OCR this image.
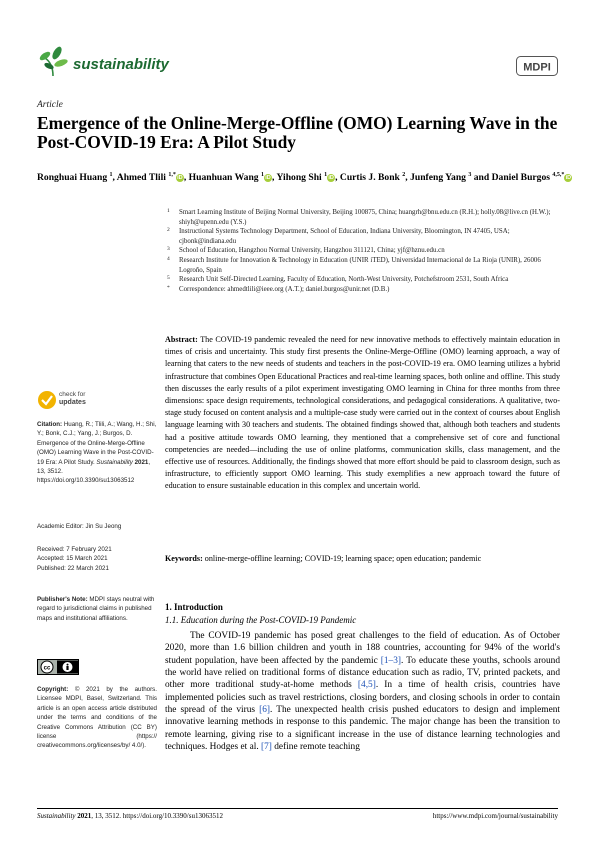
sustainability	MDPI
Article
Emergence of the Online-Merge-Offline (OMO) Learning Wave in the Post-COVID-19 Era: A Pilot Study
Ronghuai Huang $^1$, Ahmed Tlili $^{1,*}$iD, Huanhuan Wang $^1$iD, Yihong Shi $^1$iD, Curtis J. Bonk $^2$, Junfeng Yang $^3$ and Daniel Burgos $^{4,5,*}$iD
1 Smart Learning Institute of Beijing Normal University, Beijing 100875, China; huangrh@bnu.edu.cn (R.H.); holly.08@live.cn (H.W.); shiyh@upenn.edu (Y.S.)
2 Instructional Systems Technology Department, School of Education, Indiana University, Bloomington, IN 47405, USA; cjbonk@indiana.edu
3 School of Education, Hangzhou Normal University, Hangzhou 311121, China; yjf@hznu.edu.cn
4 Research Institute for Innovation & Technology in Education (UNIR iTED), Universidad Internacional de La Rioja (UNIR), 26006 Logroño, Spain
5 Research Unit Self-Directed Learning, Faculty of Education, North-West University, Potchefstroom 2531, South Africa
* Correspondence: ahmedtlili@ieee.org (A.T.); daniel.burgos@unir.net (D.B.)

Abstract: The COVID-19 pandemic revealed the need for new innovative methods to effectively maintain education in times of crisis and uncertainty. This study first presents the Online-Merge-Offline (OMO) learning approach, a way of learning that caters to the new needs of students and teachers in the post-COVID-19 era. OMO learning utilizes a hybrid infrastructure that combines Open Educational Practices and real-time learning spaces, both online and offline. This study then discusses the early results of a pilot experiment investigating OMO learning in China for three months from three dimensions: space design requirements, technological considerations, and pedagogical considerations. A qualitative, two-stage study focused on content analysis and a multiple-case study were carried out in the context of courses about English language learning with 30 teachers and students. The obtained findings showed that, although both teachers and students had a positive attitude towards OMO learning, they mentioned that a comprehensive set of core and functional competencies are needed—including the use of online platforms, communication skills, class management, and the effective use of resources. Additionally, the findings showed that more effort should be paid to classroom design, such as infrastructure, to efficiently support OMO learning. This study exemplifies a new approach toward the future of education to ensure sustainable education in this complex and uncertain world.

Keywords: online-merge-offline learning; COVID-19; learning space; open education; pandemic

check for
updates
Citation: Huang, R.; Tlili, A.; Wang, H.; Shi, Y.; Bonk, C.J.; Yang, J.; Burgos, D. Emergence of the Online-Merge-Offline (OMO) Learning Wave in the Post-COVID-19 Era: A Pilot Study. Sustainability 2021, 13, 3512. https://doi.org/10.3390/su13063512
Academic Editor: Jin Su Jeong
Received: 7 February 2021
Accepted: 15 March 2021
Published: 22 March 2021
Publisher's Note: MDPI stays neutral with regard to jurisdictional claims in published maps and institutional affiliations.
cc
Copyright: © 2021 by the authors. Licensee MDPI, Basel, Switzerland. This article is an open access article distributed under the terms and conditions of the Creative Commons Attribution (CC BY) license (https:// creativecommons.org/licenses/by/ 4.0/).
1. Introduction
1.1. Education during the Post-COVID-19 Pandemic

The COVID-19 pandemic has posed great challenges to the field of education. As of October 2020, more than 1.6 billion children and youth in 188 countries, accounting for 94% of the world's student population, have been affected by the pandemic [1–3]. To educate these youths, schools around the world have relied on traditional forms of distance education such as radio, TV, printed packets, and other more traditional study-at-home methods [4,5]. In a time of health crisis, countries have implemented policies such as travel restrictions, closing borders, and closing schools in order to contain the spread of the virus [6]. The unexpected health crisis pushed educators to design and implement innovative learning methods in response to this pandemic. The major change has been the transition to remote learning, giving rise to a significant increase in the use of distance learning technologies and techniques. Hodges et al. [7] define remote teaching

Sustainability 2021, 13, 3512. https://doi.org/10.3390/su13063512	https://www.mdpi.com/journal/sustainability
